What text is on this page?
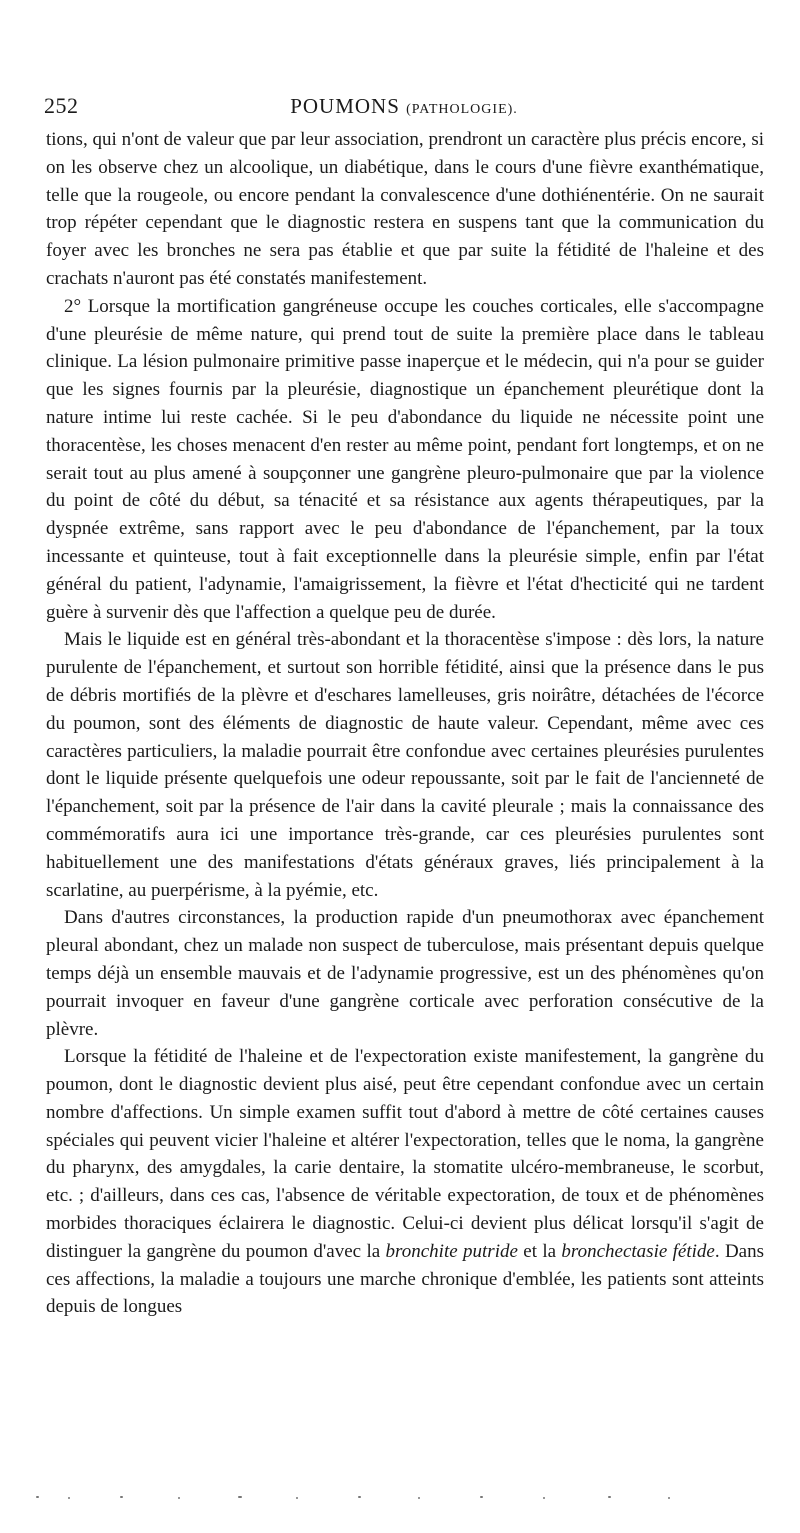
252	POUMONS (PATHOLOGIE).

tions, qui n'ont de valeur que par leur association, prendront un caractère plus précis encore, si on les observe chez un alcoolique, un diabétique, dans le cours d'une fièvre exanthématique, telle que la rougeole, ou encore pendant la convalescence d'une dothiénentérie. On ne saurait trop répéter cependant que le diagnostic restera en suspens tant que la communication du foyer avec les bronches ne sera pas établie et que par suite la fétidité de l'haleine et des crachats n'auront pas été constatés manifestement.

2° Lorsque la mortification gangréneuse occupe les couches corticales, elle s'accompagne d'une pleurésie de même nature, qui prend tout de suite la première place dans le tableau clinique. La lésion pulmonaire primitive passe inaperçue et le médecin, qui n'a pour se guider que les signes fournis par la pleurésie, diagnostique un épanchement pleurétique dont la nature intime lui reste cachée. Si le peu d'abondance du liquide ne nécessite point une thoracentèse, les choses menacent d'en rester au même point, pendant fort longtemps, et on ne serait tout au plus amené à soupçonner une gangrène pleuro-pulmonaire que par la violence du point de côté du début, sa ténacité et sa résistance aux agents thérapeutiques, par la dyspnée extrême, sans rapport avec le peu d'abondance de l'épanchement, par la toux incessante et quinteuse, tout à fait exceptionnelle dans la pleurésie simple, enfin par l'état général du patient, l'adynamie, l'amaigrissement, la fièvre et l'état d'hecticité qui ne tardent guère à survenir dès que l'affection a quelque peu de durée.

Mais le liquide est en général très-abondant et la thoracentèse s'impose : dès lors, la nature purulente de l'épanchement, et surtout son horrible fétidité, ainsi que la présence dans le pus de débris mortifiés de la plèvre et d'eschares lamelleuses, gris noirâtre, détachées de l'écorce du poumon, sont des éléments de diagnostic de haute valeur. Cependant, même avec ces caractères particuliers, la maladie pourrait être confondue avec certaines pleurésies purulentes dont le liquide présente quelquefois une odeur repoussante, soit par le fait de l'ancienneté de l'épanchement, soit par la présence de l'air dans la cavité pleurale ; mais la connaissance des commémoratifs aura ici une importance très-grande, car ces pleurésies purulentes sont habituellement une des manifestations d'états généraux graves, liés principalement à la scarlatine, au puerpérisme, à la pyémie, etc.

Dans d'autres circonstances, la production rapide d'un pneumothorax avec épanchement pleural abondant, chez un malade non suspect de tuberculose, mais présentant depuis quelque temps déjà un ensemble mauvais et de l'adynamie progressive, est un des phénomènes qu'on pourrait invoquer en faveur d'une gangrène corticale avec perforation consécutive de la plèvre.

Lorsque la fétidité de l'haleine et de l'expectoration existe manifestement, la gangrène du poumon, dont le diagnostic devient plus aisé, peut être cependant confondue avec un certain nombre d'affections. Un simple examen suffit tout d'abord à mettre de côté certaines causes spéciales qui peuvent vicier l'haleine et altérer l'expectoration, telles que le noma, la gangrène du pharynx, des amygdales, la carie dentaire, la stomatite ulcéro-membraneuse, le scorbut, etc. ; d'ailleurs, dans ces cas, l'absence de véritable expectoration, de toux et de phénomènes morbides thoraciques éclairera le diagnostic. Celui-ci devient plus délicat lorsqu'il s'agit de distinguer la gangrène du poumon d'avec la bronchite putride et la bronchectasie fétide. Dans ces affections, la maladie a toujours une marche chronique d'emblée, les patients sont atteints depuis de longues
